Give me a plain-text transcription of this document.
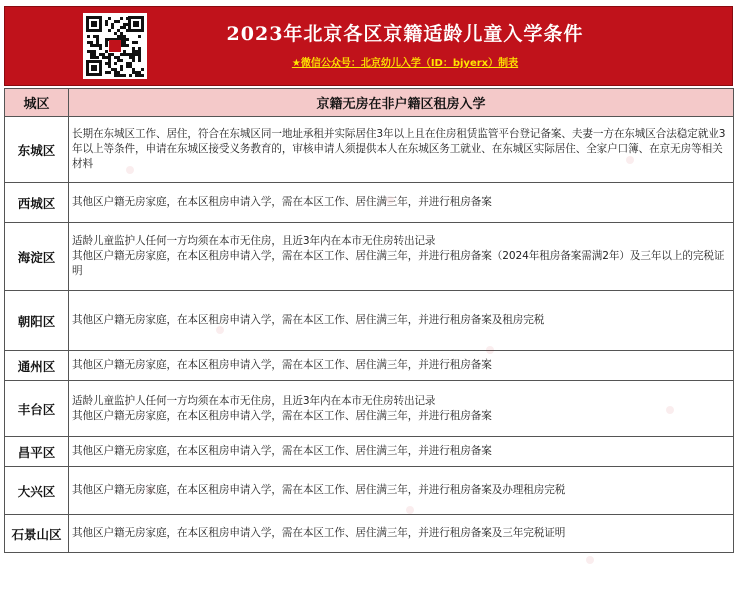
2023年北京各区京籍适龄儿童入学条件
★微信公众号：北京幼儿入学（ID：bjyerx）制表
城区	京籍无房在非户籍区租房入学
东城区	长期在东城区工作、居住，符合在东城区同一地址承租并实际居住3年以上且在住房租赁监管平台登记备案、夫妻一方在东城区合法稳定就业3年以上等条件，申请在东城区接受义务教育的，审核申请人须提供本人在东城区务工就业、在东城区实际居住、全家户口簿、在京无房等相关材料

西城区	其他区户籍无房家庭，在本区租房申请入学，需在本区工作、居住满三年，并进行租房备案

海淀区	适龄儿童监护人任何一方均须在本市无住房，且近3年内在本市无住房转出记录
其他区户籍无房家庭，在本区租房申请入学，需在本区工作、居住满三年，并进行租房备案（2024年租房备案需满2年）及三年以上的完税证明

朝阳区	其他区户籍无房家庭，在本区租房申请入学，需在本区工作、居住满三年，并进行租房备案及租房完税

通州区	其他区户籍无房家庭，在本区租房申请入学，需在本区工作、居住满三年，并进行租房备案

丰台区	适龄儿童监护人任何一方均须在本市无住房，且近3年内在本市无住房转出记录
其他区户籍无房家庭，在本区租房申请入学，需在本区工作、居住满三年，并进行租房备案

昌平区	其他区户籍无房家庭，在本区租房申请入学，需在本区工作、居住满三年，并进行租房备案

大兴区	其他区户籍无房家庭，在本区租房申请入学，需在本区工作、居住满三年，并进行租房备案及办理租房完税

石景山区	其他区户籍无房家庭，在本区租房申请入学，需在本区工作、居住满三年，并进行租房备案及三年完税证明
